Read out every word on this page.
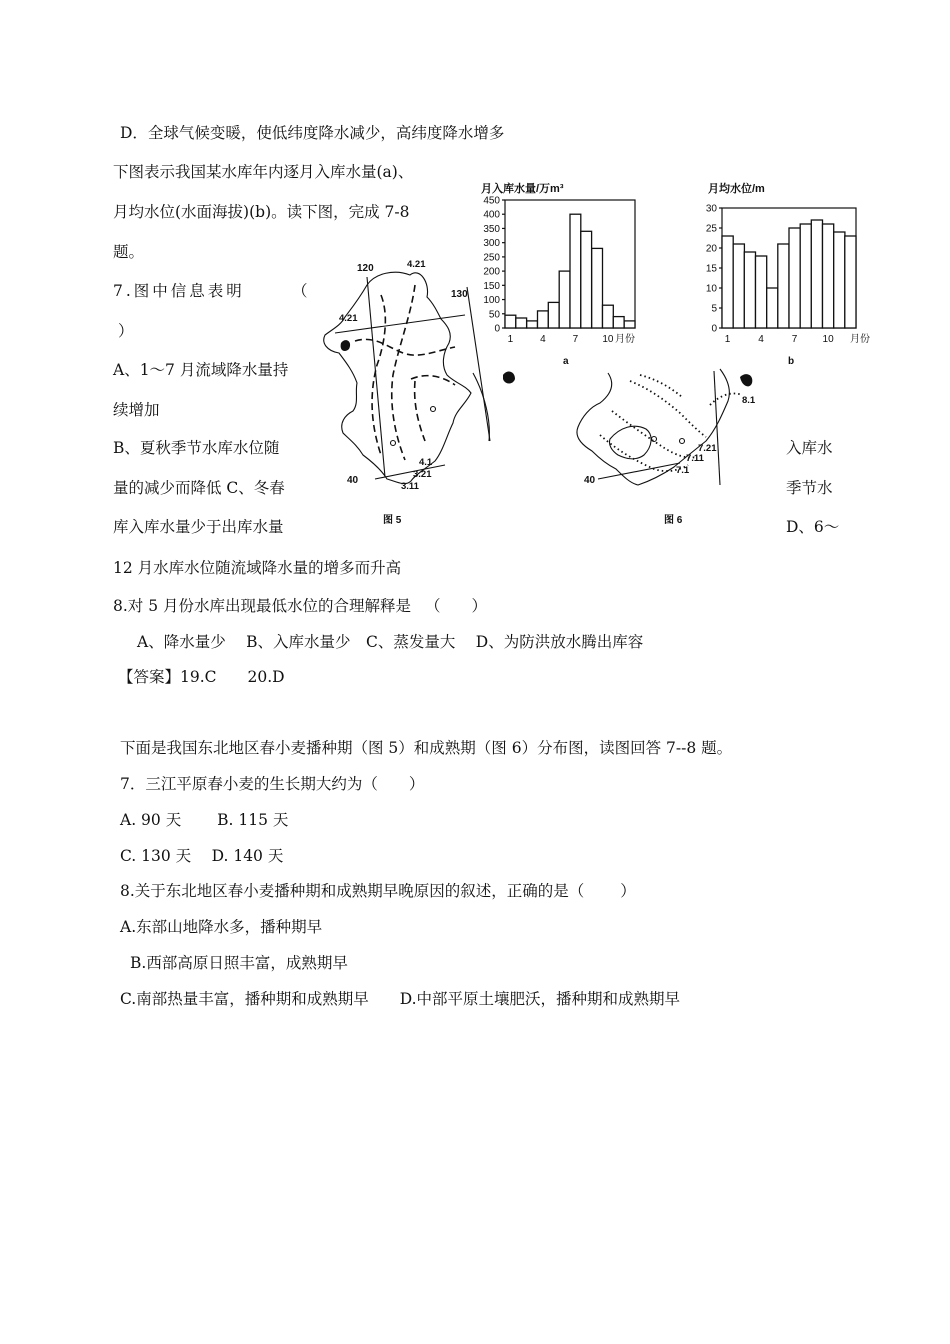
D．全球气候变暖，使低纬度降水减少，高纬度降水增多
下图表示我国某水库年内逐月入库水量(a)、
月均水位(水面海拔)(b)。读下图，完成 7-8
题。
7.图中信息表明	（
）
A、1～7 月流域降水量持
续增加
B、夏秋季节水库水位随	入库水
量的减少而降低 C、冬春	季节水
库入库水量少于出库水量	D、6～
12 月水库水位随流域降水量的增多而升高
8.对 5 月份水库出现最低水位的合理解释是 （　　）
A、降水量少　 B、入库水量少　C、蒸发量大　 D、为防洪放水腾出库容
【答案】19.C　　20.D
下面是我国东北地区春小麦播种期（图 5）和成熟期（图 6）分布图，读图回答 7--8 题。
7．三江平原春小麦的生长期大约为（　　）
A. 90 天　　 B. 115 天
C. 130 天　 D. 140 天
8.关于东北地区春小麦播种期和成熟期早晚原因的叙述，正确的是（　　 ）
A.东部山地降水多，播种期早
B.西部高原日照丰富，成熟期早
C.南部热量丰富，播种期和成熟期早　　D.中部平原土壤肥沃，播种期和成熟期早
月入库水量/万m³
0
50
100
150
200
250
300
350
400
450
1	4	7 10 月份
a
月均水位/m
0
5
10
15
20
25
30
1	4	7	10 月份
b
120
130
40
4.21
4.21
4.1
3.21
3.11
图 5
40
8.1
7.21
7.11
7.1
图 6
